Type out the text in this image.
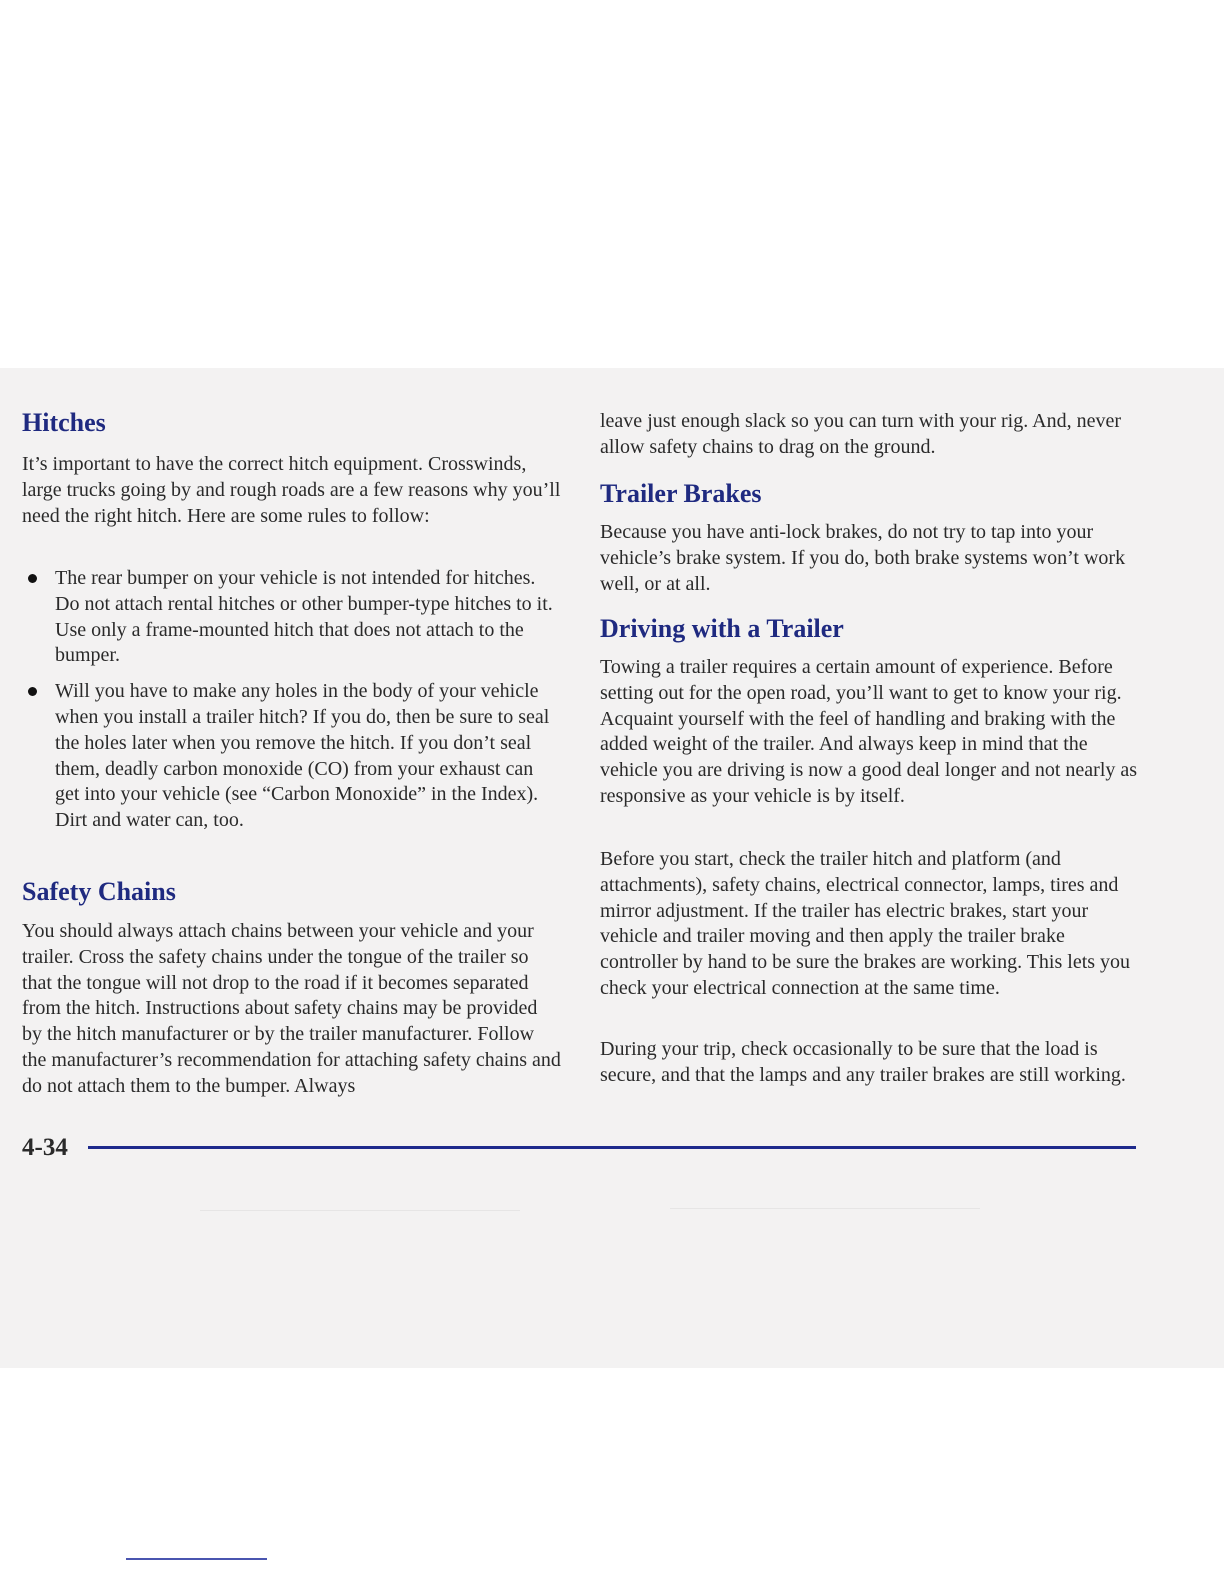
Hitches

It’s important to have the correct hitch equipment. Crosswinds, large trucks going by and rough roads are a few reasons why you’ll need the right hitch. Here are some rules to follow:

The rear bumper on your vehicle is not intended for hitches. Do not attach rental hitches or other bumper-type hitches to it. Use only a frame-mounted hitch that does not attach to the bumper.
Will you have to make any holes in the body of your vehicle when you install a trailer hitch? If you do, then be sure to seal the holes later when you remove the hitch. If you don’t seal them, deadly carbon monoxide (CO) from your exhaust can get into your vehicle (see “Carbon Monoxide” in the Index). Dirt and water can, too.
Safety Chains

You should always attach chains between your vehicle and your trailer. Cross the safety chains under the tongue of the trailer so that the tongue will not drop to the road if it becomes separated from the hitch. Instructions about safety chains may be provided by the hitch manufacturer or by the trailer manufacturer. Follow the manufacturer’s recommendation for attaching safety chains and do not attach them to the bumper. Always

leave just enough slack so you can turn with your rig. And, never allow safety chains to drag on the ground.

Trailer Brakes

Because you have anti-lock brakes, do not try to tap into your vehicle’s brake system. If you do, both brake systems won’t work well, or at all.

Driving with a Trailer

Towing a trailer requires a certain amount of experience. Before setting out for the open road, you’ll want to get to know your rig. Acquaint yourself with the feel of handling and braking with the added weight of the trailer. And always keep in mind that the vehicle you are driving is now a good deal longer and not nearly as responsive as your vehicle is by itself.

Before you start, check the trailer hitch and platform (and attachments), safety chains, electrical connector, lamps, tires and mirror adjustment. If the trailer has electric brakes, start your vehicle and trailer moving and then apply the trailer brake controller by hand to be sure the brakes are working. This lets you check your electrical connection at the same time.

During your trip, check occasionally to be sure that the load is secure, and that the lamps and any trailer brakes are still working.

4-34
